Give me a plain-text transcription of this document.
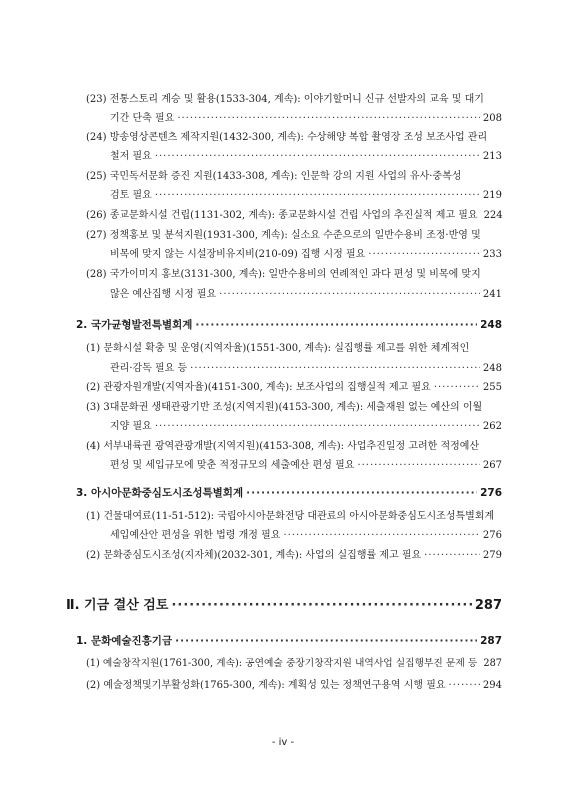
(23)
전통스토리 계승 및 활용(1533-304, 계속): 이야기할머니 신규 선발자의 교육 및 대기
기간 단축 필요 ·····	208
(24)
방송영상콘텐츠 제작지원(1432-300, 계속): 수상해양 복합 촬영장 조성 보조사업 관리
철저 필요 ·····	213
(25)
국민독서문화 증진 지원(1433-308, 계속): 인문학 강의 지원 사업의 유사·중복성
검토 필요 ·····	219
(26)
종교문화시설 건립(1131-302, 계속): 종교문화시설 건립 사업의 추진실적 제고 필요 224
(27)
정책홍보 및 분석지원(1931-300, 계속): 실소요 수준으로의 일반수용비 조정·반영 및
비목에 맞지 않는 시설장비유지비(210-09) 집행 시정 필요 ·····	233
(28)
국가이미지 홍보(3131-300, 계속): 일반수용비의 연례적인 과다 편성 및 비목에 맞지
않은 예산집행 시정 필요 ·····	241
2. 국가균형발전특별회계 ·····	248
(1)
문화시설 확충 및 운영(지역자율)(1551-300, 계속): 실집행률 제고를 위한 체계적인
관리·감독 필요 등 ·····	248
(2)
관광자원개발(지역자율)(4151-300, 계속): 보조사업의 집행실적 제고 필요 ·····	255
(3)
3대문화권 생태관광기반 조성(지역지원)(4153-300, 계속): 세출재원 없는 예산의 이월
지양 필요 ·····	262
(4)
서부내륙권 광역관광개발(지역지원)(4153-308, 계속): 사업추진일정 고려한 적정예산
편성 및 세입규모에 맞춘 적정규모의 세출예산 편성 필요 ·····	267
3. 아시아문화중심도시조성특별회계 ·····	276
(1)
건물대여료(11-51-512): 국립아시아문화전당 대관료의 아시아문화중심도시조성특별회계
세입예산안 편성을 위한 법령 개정 필요 ·····	276
(2)
문화중심도시조성(지자체)(2032-301, 계속): 사업의 실집행률 제고 필요 ·····	279
Ⅱ. 기금 결산 검토 ·····	287
1. 문화예술진흥기금 ·····	287
(1)
예술창작지원(1761-300, 계속): 공연예술 중장기창작지원 내역사업 실집행부진 문제 등 ····· 287
(2)
예술정책및기부활성화(1765-300, 계속): 계획성 있는 정책연구용역 시행 필요 ·····	294
- iv -
